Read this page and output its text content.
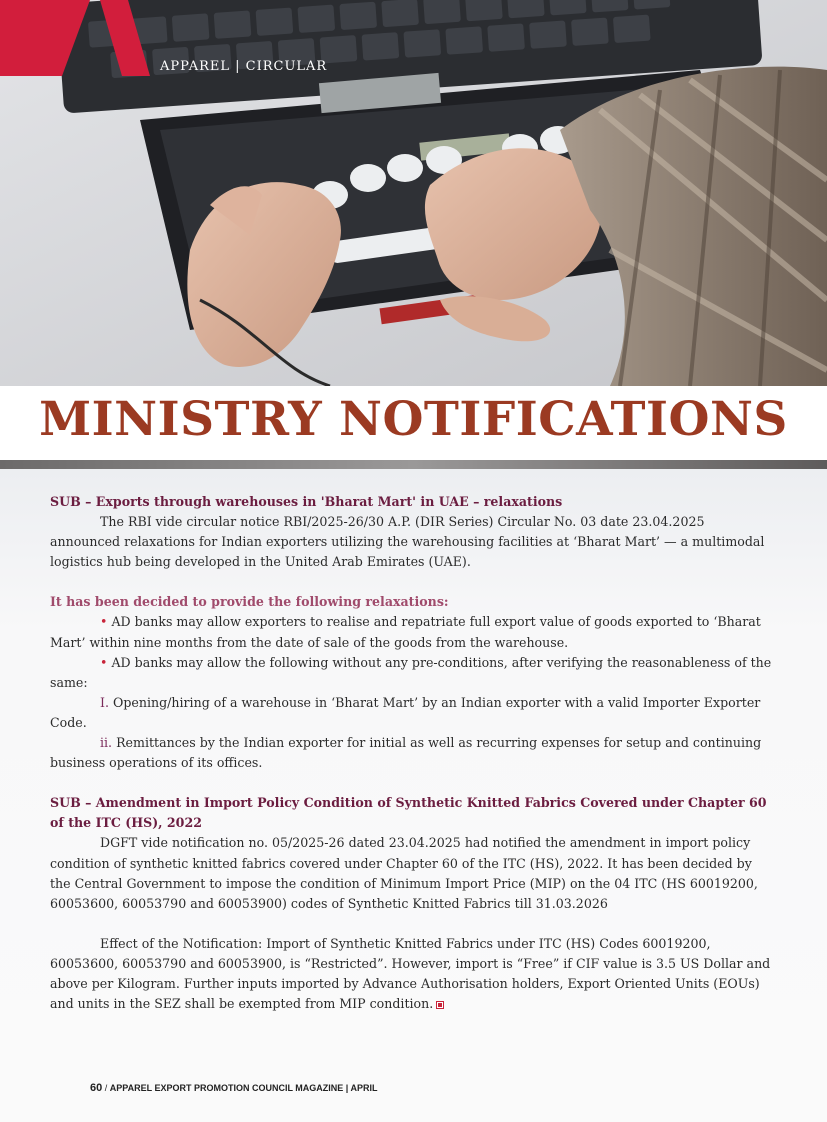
APPAREL | CIRCULAR
MINISTRY NOTIFICATIONS

SUB – Exports through warehouses in 'Bharat Mart' in UAE – relaxations

The RBI vide circular notice RBI/2025-26/30 A.P. (DIR Series) Circular No. 03 date 23.04.2025 announced relaxations for Indian exporters utilizing the warehousing facilities at ‘Bharat Mart’ — a multimodal logistics hub being developed in the United Arab Emirates (UAE).

It has been decided to provide the following relaxations:

• AD banks may allow exporters to realise and repatriate full export value of goods exported to ‘Bharat Mart’ within nine months from the date of sale of the goods from the warehouse.

• AD banks may allow the following without any pre-conditions, after verifying the reasonableness of the same:

I. Opening/hiring of a warehouse in ‘Bharat Mart’ by an Indian exporter with a valid Importer Exporter Code.

ii. Remittances by the Indian exporter for initial as well as recurring expenses for setup and continuing business operations of its offices.

SUB – Amendment in Import Policy Condition of Synthetic Knitted Fabrics Covered under Chapter 60 of the ITC (HS), 2022

DGFT vide notification no. 05/2025-26 dated 23.04.2025 had notified the amendment in import policy condition of synthetic knitted fabrics covered under Chapter 60 of the ITC (HS), 2022. It has been decided by the Central Government to impose the condition of Minimum Import Price (MIP) on the 04 ITC (HS 60019200, 60053600, 60053790 and 60053900) codes of Synthetic Knitted Fabrics till 31.03.2026

Effect of the Notification: Import of Synthetic Knitted Fabrics under ITC (HS) Codes 60019200, 60053600, 60053790 and 60053900, is “Restricted”. However, import is “Free” if CIF value is 3.5 US Dollar and above per Kilogram. Further inputs imported by Advance Authorisation holders, Export Oriented Units (EOUs) and units in the SEZ shall be exempted from MIP condition.

60 / APPAREL EXPORT PROMOTION COUNCIL MAGAZINE | APRIL
